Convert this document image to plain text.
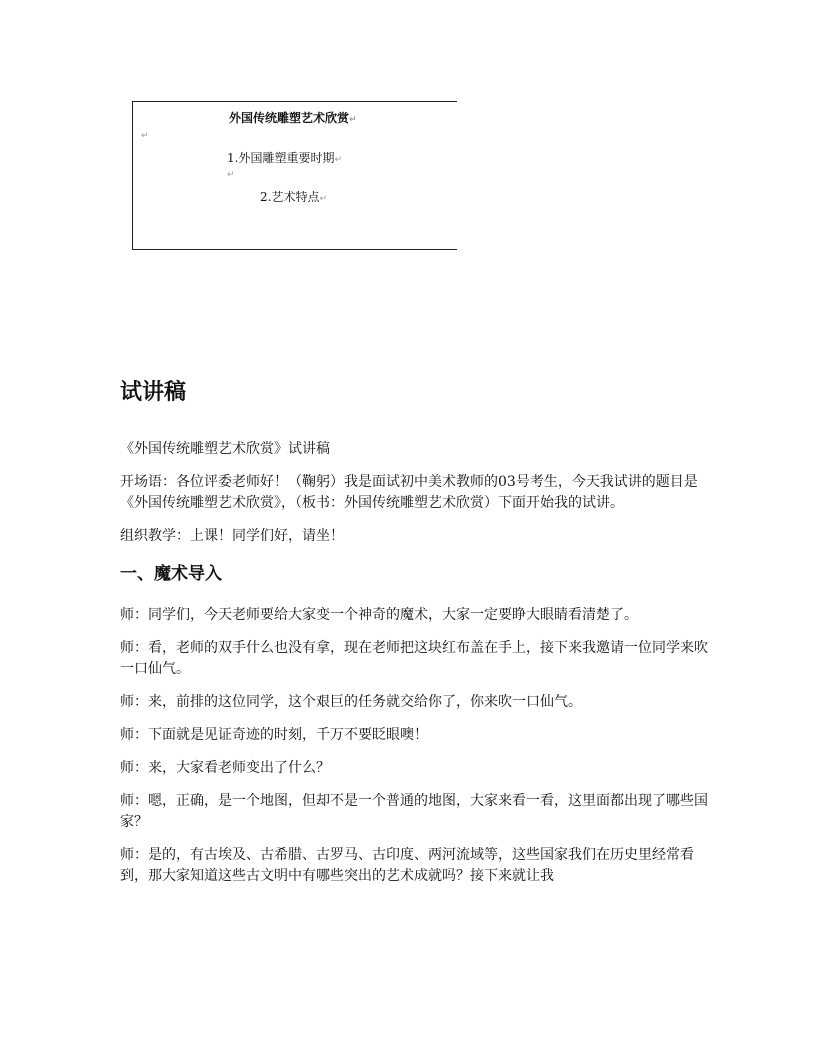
外国传统雕塑艺术欣赏↵
↵
1.外国雕塑重要时期↵
↵
2.艺术特点↵
试讲稿

《外国传统雕塑艺术欣赏》试讲稿

开场语：各位评委老师好！（鞠躬）我是面试初中美术教师的03号考生，今天我试讲的题目是《外国传统雕塑艺术欣赏》，（板书：外国传统雕塑艺术欣赏）下面开始我的试讲。

组织教学：上课！同学们好，请坐！

一、魔术导入

师：同学们，今天老师要给大家变一个神奇的魔术，大家一定要睁大眼睛看清楚了。

师：看，老师的双手什么也没有拿，现在老师把这块红布盖在手上，接下来我邀请一位同学来吹一口仙气。

师：来，前排的这位同学，这个艰巨的任务就交给你了，你来吹一口仙气。

师：下面就是见证奇迹的时刻，千万不要眨眼噢！

师：来，大家看老师变出了什么？

师：嗯，正确，是一个地图，但却不是一个普通的地图，大家来看一看，这里面都出现了哪些国家？

师：是的，有古埃及、古希腊、古罗马、古印度、两河流域等，这些国家我们在历史里经常看到，那大家知道这些古文明中有哪些突出的艺术成就吗？接下来就让我
